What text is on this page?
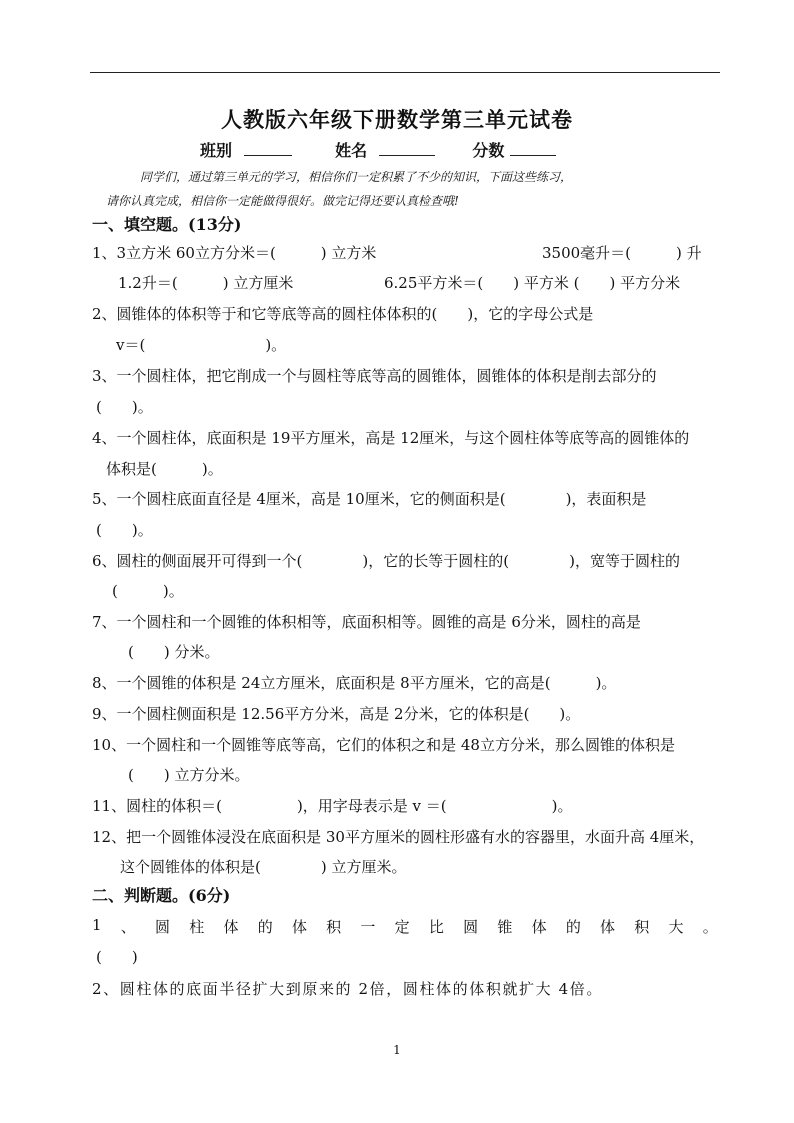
人教版六年级下册数学第三单元试卷
班别	姓名	分数
同学们，通过第三单元的学习，相信你们一定积累了不少的知识，下面这些练习，
请你认真完成，相信你一定能做得很好。做完记得还要认真检查哦!
一、填空题。(13分)
1、3立方米 60立方分米＝(　　　) 立方米	3500毫升＝(　　　) 升
1.2升＝(　　　) 立方厘米	6.25平方米＝(　　) 平方米 (　　) 平方分米
2、圆锥体的体积等于和它等底等高的圆柱体体积的(　　)，它的字母公式是
v＝(　　　　　　　　)。
3、一个圆柱体，把它削成一个与圆柱等底等高的圆锥体，圆锥体的体积是削去部分的
(　　)。
4、一个圆柱体，底面积是 19平方厘米，高是 12厘米，与这个圆柱体等底等高的圆锥体的
体积是(　　　)。
5、一个圆柱底面直径是 4厘米，高是 10厘米，它的侧面积是(　　　　)，表面积是
(　　)。
6、圆柱的侧面展开可得到一个(　　　　)，它的长等于圆柱的(　　　　)，宽等于圆柱的
(　　　)。
7、一个圆柱和一个圆锥的体积相等，底面积相等。圆锥的高是 6分米，圆柱的高是
(　　) 分米。
8、一个圆锥的体积是 24立方厘米，底面积是 8平方厘米，它的高是(　　　)。
9、一个圆柱侧面积是 12.56平方分米，高是 2分米，它的体积是(　　)。
10、一个圆柱和一个圆锥等底等高，它们的体积之和是 48立方分米，那么圆锥的体积是
(　　) 立方分米。
11、圆柱的体积＝(　　　　　)，用字母表示是 v ＝(　　　　　　　)。
12、把一个圆锥体浸没在底面积是 30平方厘米的圆柱形盛有水的容器里，水面升高 4厘米，
这个圆锥体的体积是(　　　　) 立方厘米。
二、判断题。(6分)
1 、 圆 柱 体 的 体 积 一 定 比 圆 锥 体 的 体 积 大 。
(　　)
2、圆柱体的底面半径扩大到原来的 2倍，圆柱体的体积就扩大 4倍。
1
